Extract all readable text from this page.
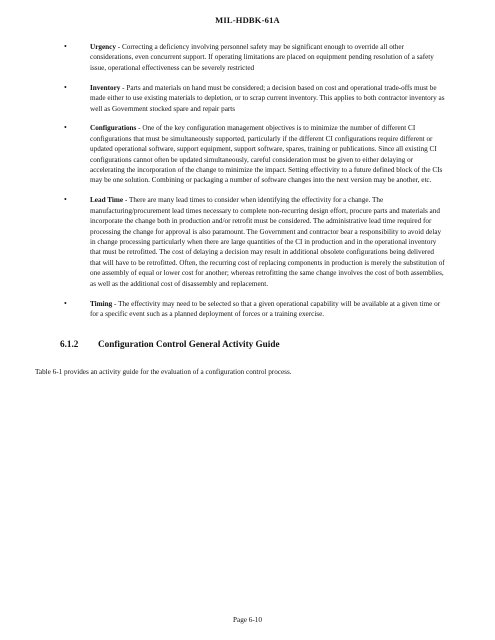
MIL-HDBK-61A
•	Urgency - Correcting a deficiency involving personnel safety may be significant enough to override all other considerations, even concurrent support. If operating limitations are placed on equipment pending resolution of a safety issue, operational effectiveness can be severely restricted
•	Inventory - Parts and materials on hand must be considered; a decision based on cost and operational trade-offs must be made either to use existing materials to depletion, or to scrap current inventory. This applies to both contractor inventory as well as Government stocked spare and repair parts
•	Configurations - One of the key configuration management objectives is to minimize the number of different CI configurations that must be simultaneously supported, particularly if the different CI configurations require different or updated operational software, support equipment, support software, spares, training or publications. Since all existing CI configurations cannot often be updated simultaneously, careful consideration must be given to either delaying or accelerating the incorporation of the change to minimize the impact. Setting effectivity to a future defined block of the CIs may be one solution. Combining or packaging a number of software changes into the next version may be another, etc.
•	Lead Time - There are many lead times to consider when identifying the effectivity for a change. The manufacturing/procurement lead times necessary to complete non-recurring design effort, procure parts and materials and incorporate the change both in production and/or retrofit must be considered. The administrative lead time required for processing the change for approval is also paramount. The Government and contractor bear a responsibility to avoid delay in change processing particularly when there are large quantities of the CI in production and in the operational inventory that must be retrofitted. The cost of delaying a decision may result in additional obsolete configurations being delivered that will have to be retrofitted. Often, the recurring cost of replacing components in production is merely the substitution of one assembly of equal or lower cost for another; whereas retrofitting the same change involves the cost of both assemblies, as well as the additional cost of disassembly and replacement.
•	Timing - The effectivity may need to be selected so that a given operational capability will be available at a given time or for a specific event such as a planned deployment of forces or a training exercise.
6.1.2 Configuration Control General Activity Guide

Table 6-1 provides an activity guide for the evaluation of a configuration control process.

Page 6-10
